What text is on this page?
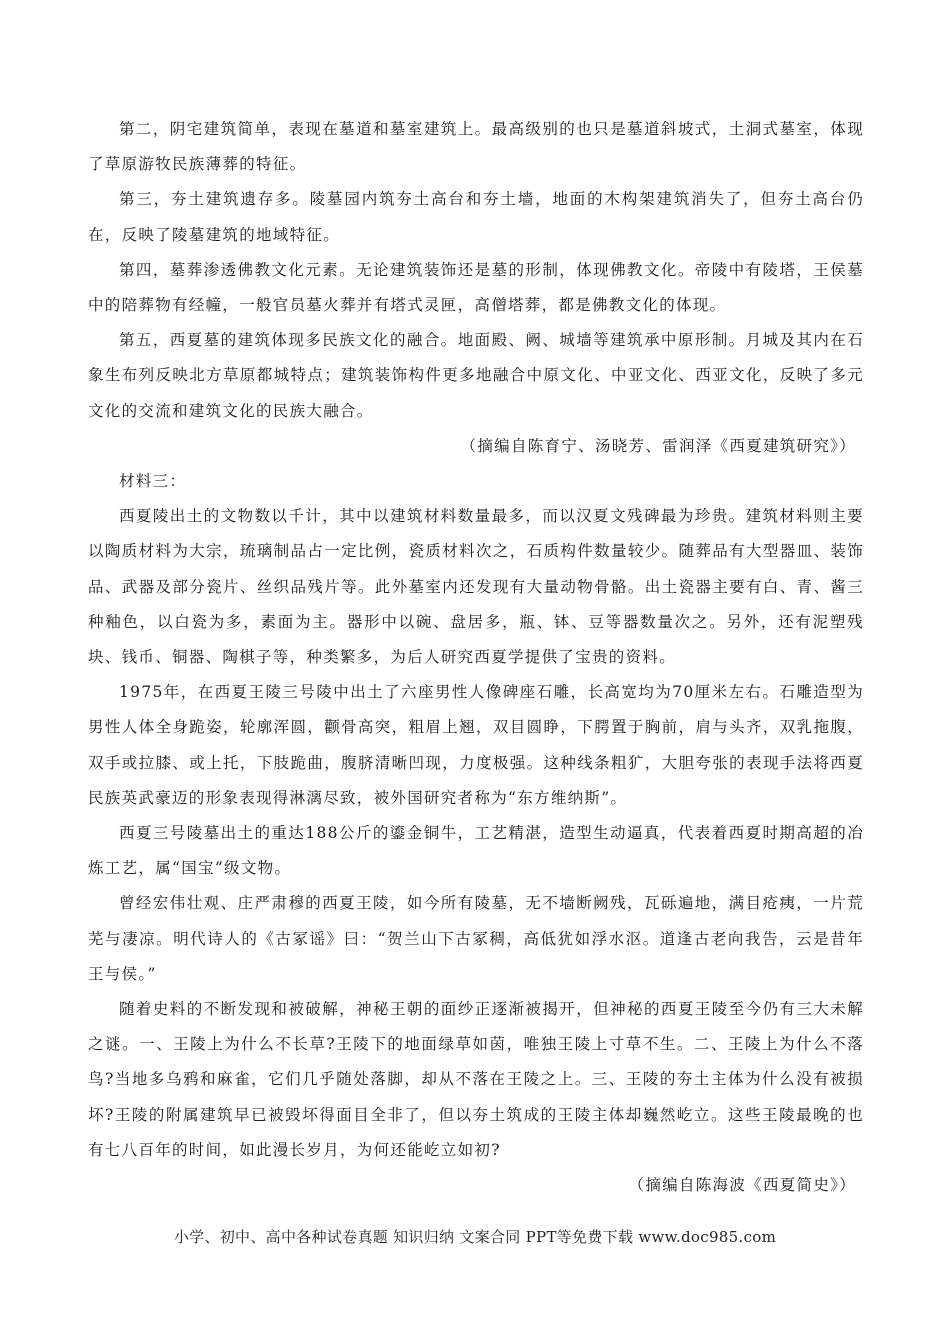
第二，阴宅建筑简单，表现在墓道和墓室建筑上。最高级别的也只是墓道斜坡式，土洞式墓室，体现了草原游牧民族薄葬的特征。

第三，夯土建筑遗存多。陵墓园内筑夯土高台和夯土墙，地面的木构架建筑消失了，但夯土高台仍在，反映了陵墓建筑的地域特征。

第四，墓葬渗透佛教文化元素。无论建筑装饰还是墓的形制，体现佛教文化。帝陵中有陵塔，王侯墓中的陪葬物有经幢，一般官员墓火葬并有塔式灵匣，高僧塔葬，都是佛教文化的体现。

第五，西夏墓的建筑体现多民族文化的融合。地面殿、阙、城墙等建筑承中原形制。月城及其内在石象生布列反映北方草原都城特点；建筑装饰构件更多地融合中原文化、中亚文化、西亚文化，反映了多元文化的交流和建筑文化的民族大融合。

（摘编自陈育宁、汤晓芳、雷润泽《西夏建筑研究》）

材料三：

西夏陵出土的文物数以千计，其中以建筑材料数量最多，而以汉夏文残碑最为珍贵。建筑材料则主要以陶质材料为大宗，琉璃制品占一定比例，瓷质材料次之，石质构件数量较少。随葬品有大型器皿、装饰品、武器及部分瓷片、丝织品残片等。此外墓室内还发现有大量动物骨骼。出土瓷器主要有白、青、酱三种釉色，以白瓷为多，素面为主。器形中以碗、盘居多，瓶、钵、豆等器数量次之。另外，还有泥塑残块、钱币、铜器、陶棋子等，种类繁多，为后人研究西夏学提供了宝贵的资料。

1975年，在西夏王陵三号陵中出土了六座男性人像碑座石雕，长高宽均为70厘米左右。石雕造型为男性人体全身跪姿，轮廓浑圆，颧骨高突，粗眉上翘，双目圆睁，下腭置于胸前，肩与头齐，双乳拖腹，双手或拉膝、或上托，下肢跪曲，腹脐清晰凹现，力度极强。这种线条粗犷，大胆夸张的表现手法将西夏民族英武豪迈的形象表现得淋漓尽致，被外国研究者称为“东方维纳斯”。

西夏三号陵墓出土的重达188公斤的鎏金铜牛，工艺精湛，造型生动逼真，代表着西夏时期高超的冶炼工艺，属“国宝”级文物。

曾经宏伟壮观、庄严肃穆的西夏王陵，如今所有陵墓，无不墙断阙残，瓦砾遍地，满目疮痍，一片荒芜与凄凉。明代诗人的《古冢谣》曰：“贺兰山下古冢稠，高低犹如浮水沤。道逢古老向我告，云是昔年王与侯。”

随着史料的不断发现和被破解，神秘王朝的面纱正逐渐被揭开，但神秘的西夏王陵至今仍有三大未解之谜。一、王陵上为什么不长草?王陵下的地面绿草如茵，唯独王陵上寸草不生。二、王陵上为什么不落鸟?当地多乌鸦和麻雀，它们几乎随处落脚，却从不落在王陵之上。三、王陵的夯土主体为什么没有被损坏?王陵的附属建筑早已被毁坏得面目全非了，但以夯土筑成的王陵主体却巍然屹立。这些王陵最晚的也有七八百年的时间，如此漫长岁月，为何还能屹立如初?

（摘编自陈海波《西夏简史》）

小学、初中、高中各种试卷真题 知识归纳 文案合同 PPT等免费下载 www.doc985.com
